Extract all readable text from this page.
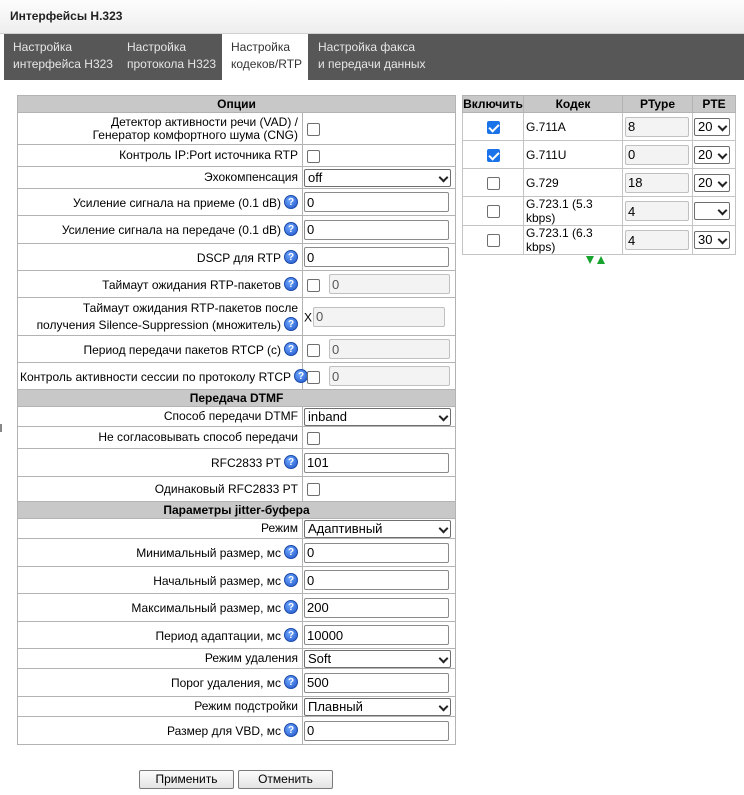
Интерфейсы H.323
Настройка
интерфейса H323
Настройка
протокола H323
Настройка
кодеков/RTP
Настройка факса
и передачи данных
Опции	

Детектор активности речи (VAD) /
Генератор комфортного шума (CNG)	

Контроль IP:Port источника RTP	
Эхокомпенсация	off

Усиление сигнала на приеме (0.1 dB) ?	0
Усиление сигнала на передаче (0.1 dB) ?	0
DSCP для RTP ?	0
Таймаут ожидания RTP-пакетов ?	0

Таймаут ожидания RTP-пакетов после
получения Silence-Suppression (множитель) ?	X0
Период передачи пакетов RTCP (с) ?	0
Контроль активности сессии по протоколу RTCP ?	0
Передача DTMF	
Способ передачи DTMF	inband

Не согласовывать способ передачи	
RFC2833 PT ?	101
Одинаковый RFC2833 PT	
Параметры jitter-буфера	
Режим	Адаптивный

Минимальный размер, мс ?	0
Начальный размер, мс ?	0
Максимальный размер, мс ?	200
Период адаптации, мс ?	10000
Режим удаления	Soft

Порог удаления, мс ?	500
Режим подстройки	Плавный

Размер для VBD, мс ?	0
Включить	Кодек	PType	PTE
	G.711A	8	20

	G.711U	0	20

	G.729	18	20

	G.723.1 (5.3 kbps)	4	

	G.723.1 (6.3 kbps)	4	30
Применить	Отменить
